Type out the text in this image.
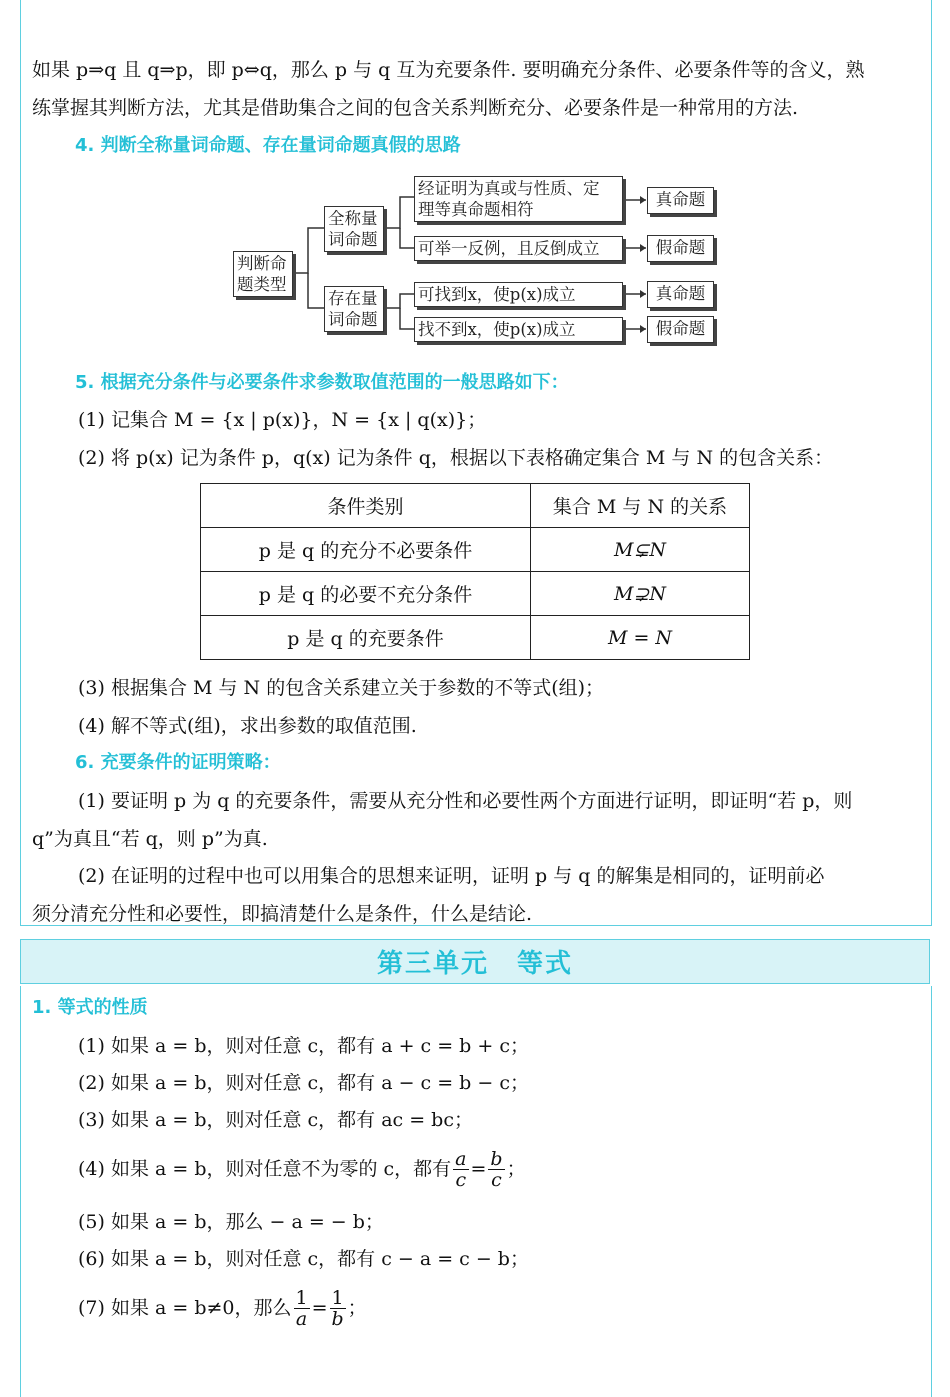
如果 p⇒q 且 q⇒p，即 p⇔q，那么 p 与 q 互为充要条件. 要明确充分条件、必要条件等的含义，熟
练掌握其判断方法，尤其是借助集合之间的包含关系判断充分、必要条件是一种常用的方法.
4. 判断全称量词命题、存在量词命题真假的思路
判断命
题类型
全称量
词命题
存在量
词命题
经证明为真或与性质、定
理等真命题相符
可举一反例，且反倒成立
可找到x，使p(x)成立
找不到x，使p(x)成立
真命题
假命题
真命题
假命题
5. 根据充分条件与必要条件求参数取值范围的一般思路如下：
(1) 记集合 M = {x | p(x)}，N = {x | q(x)}；
(2) 将 p(x) 记为条件 p，q(x) 记为条件 q，根据以下表格确定集合 M 与 N 的包含关系：
条件类别	集合 M 与 N 的关系
p 是 q 的充分不必要条件	M⊊N
p 是 q 的必要不充分条件	M⊋N
p 是 q 的充要条件	M = N
(3) 根据集合 M 与 N 的包含关系建立关于参数的不等式(组)；
(4) 解不等式(组)，求出参数的取值范围.
6. 充要条件的证明策略：
(1) 要证明 p 为 q 的充要条件，需要从充分性和必要性两个方面进行证明，即证明“若 p，则
q”为真且“若 q，则 p”为真.
(2) 在证明的过程中也可以用集合的思想来证明，证明 p 与 q 的解集是相同的，证明前必
须分清充分性和必要性，即搞清楚什么是条件，什么是结论.
第三单元　等式
1. 等式的性质
(1) 如果 a = b，则对任意 c，都有 a + c = b + c；
(2) 如果 a = b，则对任意 c，都有 a − c = b − c；
(3) 如果 a = b，则对任意 c，都有 ac = bc；
(4) 如果 a = b，则对任意不为零的 c，都有 $\frac{a}{c} = \frac{b}{c}$ ；
(5) 如果 a = b，那么 − a = − b；
(6) 如果 a = b，则对任意 c，都有 c − a = c − b；
(7) 如果 a = b≠0，那么 $\frac{1}{a} = \frac{1}{b}$ ；
